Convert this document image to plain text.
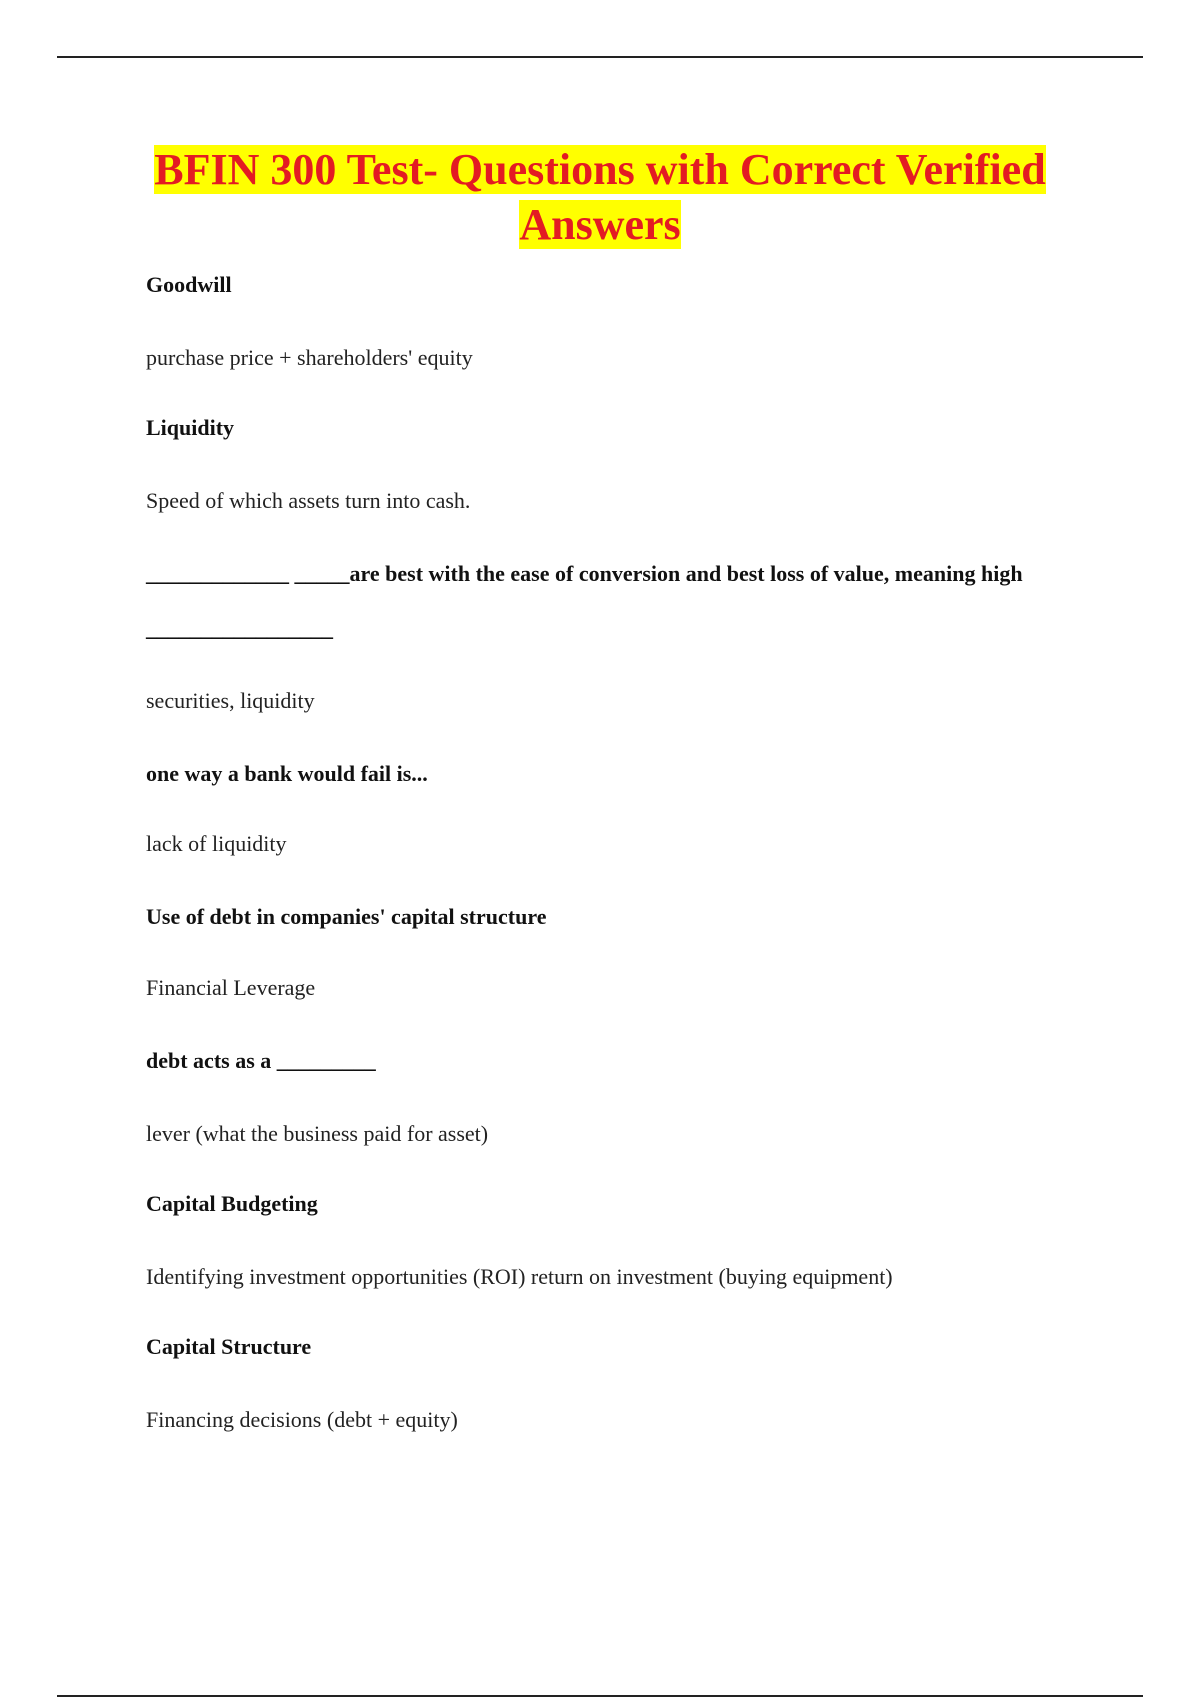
BFIN 300 Test- Questions with Correct Verified Answers

Goodwill

purchase price + shareholders' equity

Liquidity

Speed of which assets turn into cash.

_____________ _____are best with the ease of conversion and best loss of value, meaning high _________________

securities, liquidity

one way a bank would fail is...

lack of liquidity

Use of debt in companies' capital structure

Financial Leverage

debt acts as a _________

lever (what the business paid for asset)

Capital Budgeting

Identifying investment opportunities (ROI) return on investment (buying equipment)

Capital Structure

Financing decisions (debt + equity)
